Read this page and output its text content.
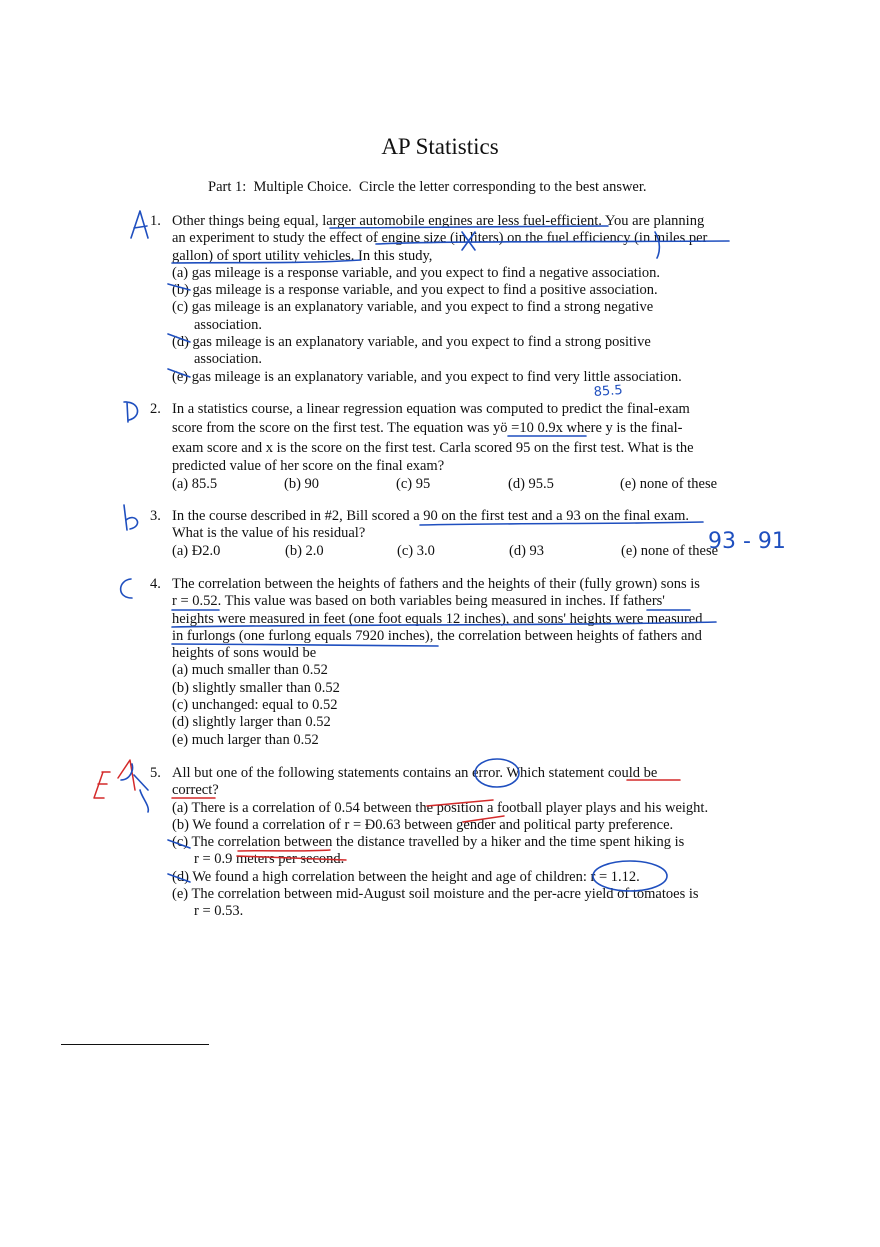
AP Statistics
Part 1:  Multiple Choice.  Circle the letter corresponding to the best answer.
1. Other things being equal, larger automobile engines are less fuel-efficient. You are planning
an experiment to study the effect of engine size (in liters) on the fuel efficiency (in miles per
gallon) of sport utility vehicles. In this study,
(a) gas mileage is a response variable, and you expect to find a negative association.
(b) gas mileage is a response variable, and you expect to find a positive association.
(c) gas mileage is an explanatory variable, and you expect to find a strong negative
association.
(d) gas mileage is an explanatory variable, and you expect to find a strong positive
association.
(e) gas mileage is an explanatory variable, and you expect to find very little association.
2. In a statistics course, a linear regression equation was computed to predict the final-exam
score from the score on the first test. The equation was yö =10 0.9x where y is the final-
exam score and x is the score on the first test. Carla scored 95 on the first test. What is the
predicted value of her score on the final exam?
(a) 85.5	(b) 90	(c) 95	(d) 95.5	(e) none of these
3. In the course described in #2, Bill scored a 90 on the first test and a 93 on the final exam.
What is the value of his residual?
(a) Ð2.0	(b) 2.0	(c) 3.0	(d) 93	(e) none of these
4. The correlation between the heights of fathers and the heights of their (fully grown) sons is
r = 0.52. This value was based on both variables being measured in inches. If fathers'
heights were measured in feet (one foot equals 12 inches), and sons' heights were measured
in furlongs (one furlong equals 7920 inches), the correlation between heights of fathers and
heights of sons would be
(a) much smaller than 0.52
(b) slightly smaller than 0.52
(c) unchanged: equal to 0.52
(d) slightly larger than 0.52
(e) much larger than 0.52
5. All but one of the following statements contains an error. Which statement could be
correct?
(a) There is a correlation of 0.54 between the position a football player plays and his weight.
(b) We found a correlation of r = Ð0.63 between gender and political party preference.
(c) The correlation between the distance travelled by a hiker and the time spent hiking is
r = 0.9 meters per second.
(d) We found a high correlation between the height and age of children: r = 1.12.
(e) The correlation between mid-August soil moisture and the per-acre yield of tomatoes is
r = 0.53.
85.5
93 - 91
